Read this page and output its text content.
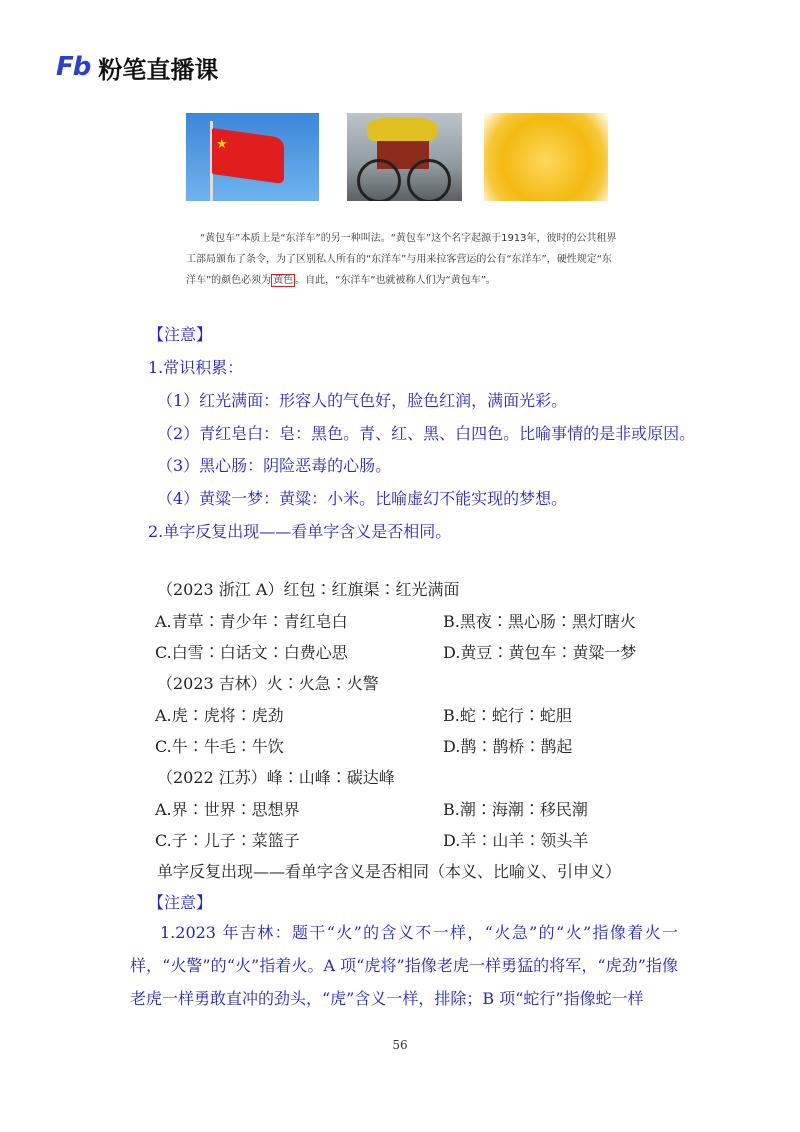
Fb 粉笔直播课
★
“黄包车”本质上是“东洋车”的另一种叫法。“黄包车”这个名字起源于1913年，彼时的公共租界工部局颁布了条令，为了区别私人所有的“东洋车”与用来拉客营运的公有“东洋车”，硬性规定“东洋车”的颜色必须为 黄色 。自此，“东洋车”也就被称人们为“黄包车”。
【注意】
1.常识积累：
（1）红光满面：形容人的气色好，脸色红润，满面光彩。
（2）青红皂白：皂：黑色。青、红、黑、白四色。比喻事情的是非或原因。
（3）黑心肠：阴险恶毒的心肠。
（4）黄粱一梦：黄粱：小米。比喻虚幻不能实现的梦想。
2.单字反复出现——看单字含义是否相同。
（2023 浙江 A）红包∶红旗渠∶红光满面
A.青草∶青少年∶青红皂白	B.黑夜∶黑心肠∶黑灯瞎火
C.白雪∶白话文∶白费心思	D.黄豆∶黄包车∶黄粱一梦
（2023 吉林）火∶火急∶火警
A.虎∶虎将∶虎劲	B.蛇∶蛇行∶蛇胆
C.牛∶牛毛∶牛饮	D.鹊∶鹊桥∶鹊起
（2022 江苏）峰∶山峰∶碳达峰
A.界∶世界∶思想界	B.潮∶海潮∶移民潮
C.子∶儿子∶菜篮子	D.羊∶山羊∶领头羊
单字反复出现——看单字含义是否相同（本义、比喻义、引申义）
【注意】
1.2023 年吉林：题干“火”的含义不一样，“火急”的“火”指像着火一样，“火警”的“火”指着火。A 项“虎将”指像老虎一样勇猛的将军，“虎劲”指像老虎一样勇敢直冲的劲头，“虎”含义一样，排除；B 项“蛇行”指像蛇一样
56
